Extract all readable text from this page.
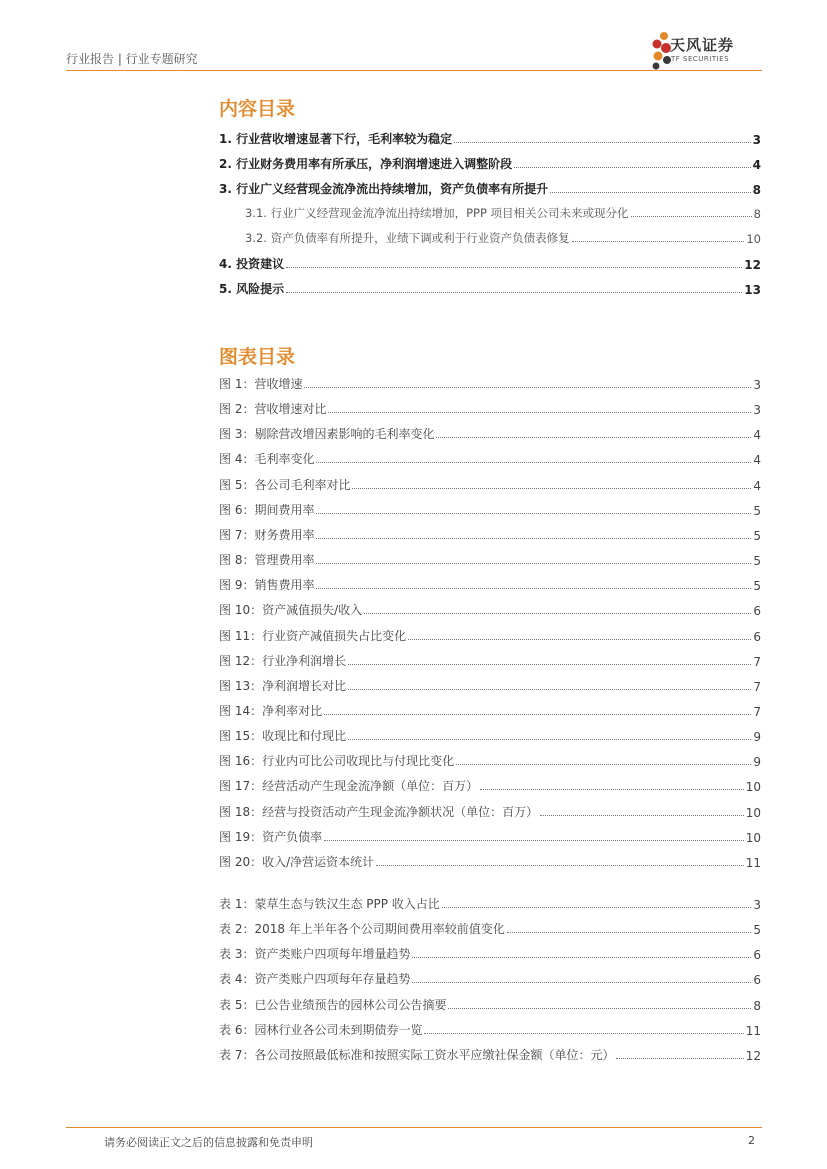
行业报告 | 行业专题研究
天风证券
TF SECURITIES
内容目录
1. 行业营收增速显著下行，毛利率较为稳定	3
2. 行业财务费用率有所承压，净利润增速进入调整阶段	4
3. 行业广义经营现金流净流出持续增加，资产负债率有所提升	8
3.1. 行业广义经营现金流净流出持续增加，PPP 项目相关公司未来或现分化	8
3.2. 资产负债率有所提升，业绩下调或利于行业资产负债表修复	10
4. 投资建议	12
5. 风险提示	13
图表目录
图 1：营收增速	3
图 2：营收增速对比	3
图 3：剔除营改增因素影响的毛利率变化	4
图 4：毛利率变化	4
图 5：各公司毛利率对比	4
图 6：期间费用率	5
图 7：财务费用率	5
图 8：管理费用率	5
图 9：销售费用率	5
图 10：资产减值损失/收入	6
图 11：行业资产减值损失占比变化	6
图 12：行业净利润增长	7
图 13：净利润增长对比	7
图 14：净利率对比	7
图 15：收现比和付现比	9
图 16：行业内可比公司收现比与付现比变化	9
图 17：经营活动产生现金流净额（单位：百万）	10
图 18：经营与投资活动产生现金流净额状况（单位：百万）	10
图 19：资产负债率	10
图 20：收入/净营运资本统计	11
表 1：蒙草生态与铁汉生态 PPP 收入占比	3
表 2：2018 年上半年各个公司期间费用率较前值变化	5
表 3：资产类账户四项每年增量趋势	6
表 4：资产类账户四项每年存量趋势	6
表 5：已公告业绩预告的园林公司公告摘要	8
表 6：园林行业各公司未到期债券一览	11
表 7：各公司按照最低标准和按照实际工资水平应缴社保金额（单位：元）	12
请务必阅读正文之后的信息披露和免责申明	2
